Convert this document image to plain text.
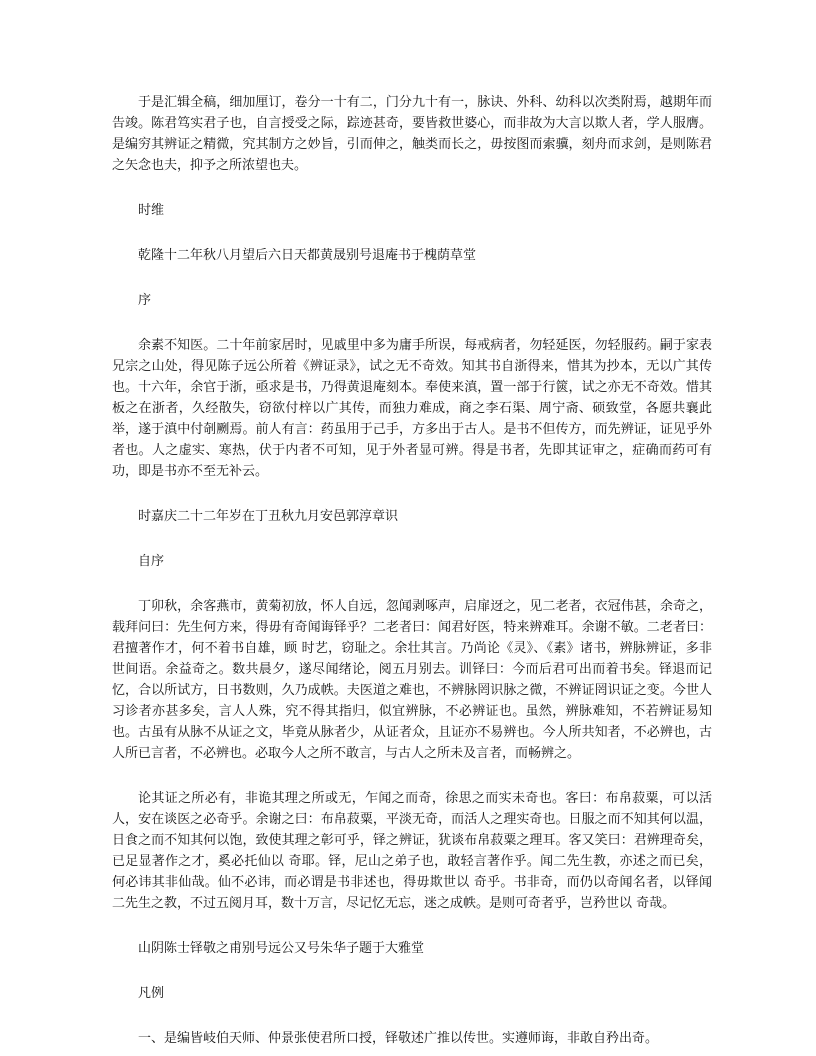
于是汇辑全稿，细加厘订，卷分一十有二，门分九十有一，脉诀、外科、幼科以次类附焉，越期年而告竣。陈君笃实君子也，自言授受之际，踪迹甚奇，要皆救世婆心，而非故为大言以欺人者，学人服膺。是编穷其辨证之精微，究其制方之妙旨，引而伸之，触类而长之，毋按图而索骥，刻舟而求剑，是则陈君之矢念也夫，抑予之所浓望也夫。

时维

乾隆十二年秋八月望后六日天都黄晟别号退庵书于槐荫草堂

序

余素不知医。二十年前家居时，见戚里中多为庸手所误，每戒病者，勿轻延医，勿轻服药。嗣于家表兄宗之山处，得见陈子远公所着《辨证录》，试之无不奇效。知其书自浙得来，惜其为抄本，无以广其传也。十六年，余官于浙，亟求是书，乃得黄退庵刻本。奉使来滇，置一部于行篋，试之亦无不奇效。惜其板之在浙者，久经散失，窃欲付梓以广其传，而独力难成，商之李石渠、周宁斋、硕致堂，各愿共襄此举，遂于滇中付剞劂焉。前人有言：药虽用于己手，方多出于古人。是书不但传方，而先辨证，证见乎外者也。人之虚实、寒热，伏于内者不可知，见于外者显可辨。得是书者，先即其证审之，症确而药可有功，即是书亦不至无补云。

时嘉庆二十二年岁在丁丑秋九月安邑郭淳章识

自序

丁卯秋，余客燕市，黄菊初放，怀人自远，忽闻剥啄声，启扉迓之，见二老者，衣冠伟甚，余奇之，载拜问曰：先生何方来，得毋有奇闻诲铎乎？二老者曰：闻君好医，特来辨难耳。余谢不敏。二老者曰：君擅著作才，何不着书自雄，顾 时艺，窃耻之。余壮其言。乃尚论《灵》、《素》诸书，辨脉辨证，多非世间语。余益奇之。数共晨夕，遂尽闻绪论，阅五月别去。训铎曰：今而后君可出而着书矣。铎退而记忆，合以所试方，日书数则，久乃成帙。夫医道之难也，不辨脉罔识脉之微，不辨证罔识证之变。今世人习诊者亦甚多矣，言人人殊，究不得其指归，似宜辨脉，不必辨证也。虽然，辨脉难知，不若辨证易知也。古虽有从脉不从证之文，毕竟从脉者少，从证者众，且证亦不易辨也。今人所共知者，不必辨也，古人所已言者，不必辨也。必取今人之所不敢言，与古人之所未及言者，而畅辨之。

论其证之所必有，非诡其理之所或无，乍闻之而奇，徐思之而实未奇也。客曰：布帛菽粟，可以活人，安在谈医之必奇乎。余谢之曰：布帛菽粟，平淡无奇，而活人之理实奇也。日服之而不知其何以温，日食之而不知其何以饱，致使其理之彰可乎，铎之辨证，犹谈布帛菽粟之理耳。客又笑曰：君辨理奇矣，已足显著作之才，奚必托仙以 奇耶。铎，尼山之弟子也，敢轻言著作乎。闻二先生教，亦述之而已矣，何必讳其非仙哉。仙不必讳，而必谓是书非述也，得毋欺世以 奇乎。书非奇，而仍以奇闻名者，以铎闻二先生之教，不过五阅月耳，数十万言，尽记忆无忘，迷之成帙。是则可奇者乎，岂矜世以 奇哉。

山阴陈士铎敬之甫别号远公又号朱华子题于大雅堂

凡例

一、是编皆岐伯天师、仲景张使君所口授，铎敬述广推以传世。实遵师诲，非敢自矜出奇。
